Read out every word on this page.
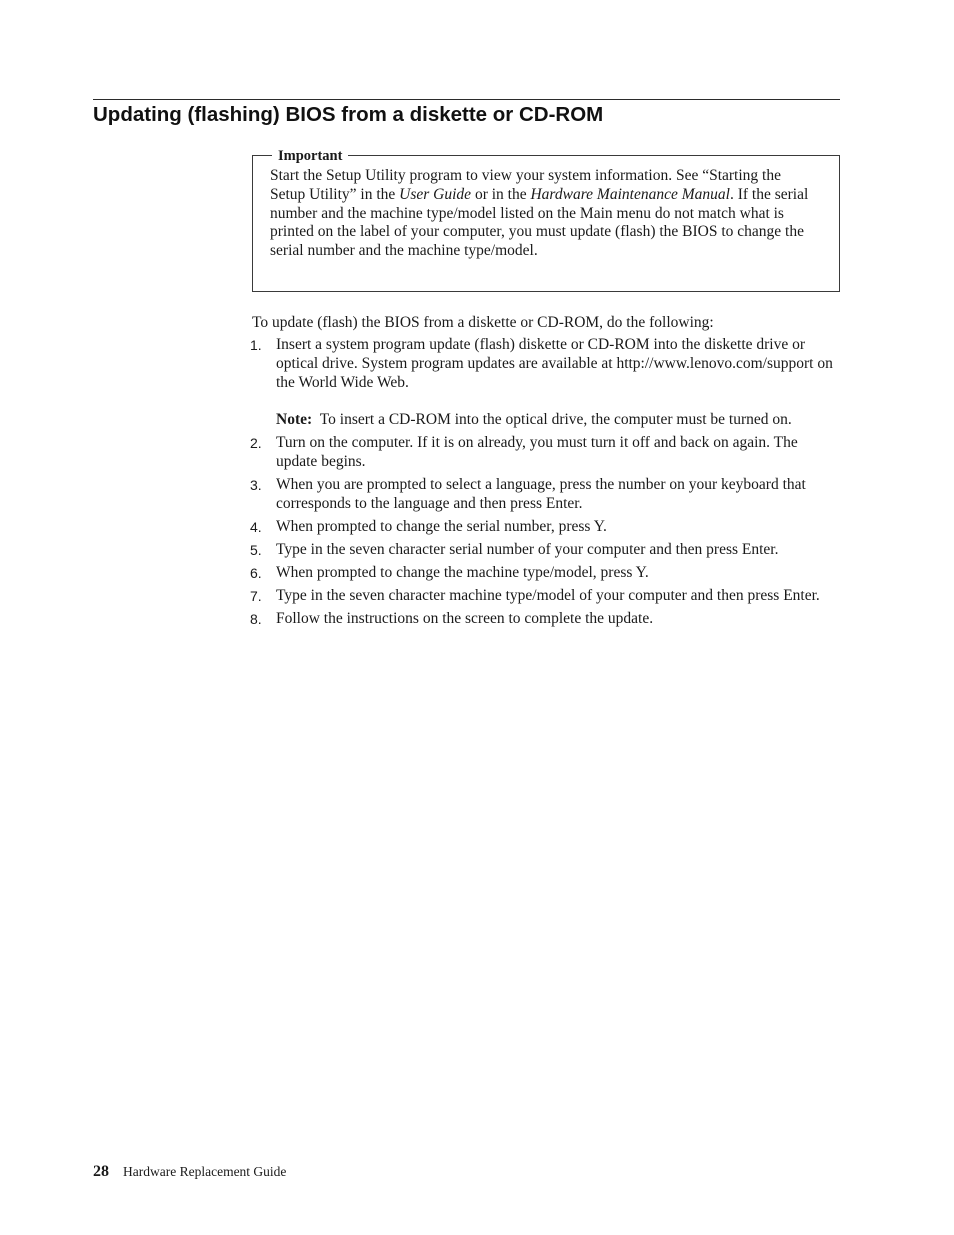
Updating (flashing) BIOS from a diskette or CD-ROM
Important

Start the Setup Utility program to view your system information. See “Starting the Setup Utility” in the User Guide or in the Hardware Maintenance Manual. If the serial number and the machine type/model listed on the Main menu do not match what is printed on the label of your computer, you must update (flash) the BIOS to change the serial number and the machine type/model.

To update (flash) the BIOS from a diskette or CD-ROM, do the following:

1. Insert a system program update (flash) diskette or CD-ROM into the diskette drive or optical drive. System program updates are available at http://www.lenovo.com/support on the World Wide Web.
Note: To insert a CD-ROM into the optical drive, the computer must be turned on.
2. Turn on the computer. If it is on already, you must turn it off and back on again. The update begins.
3. When you are prompted to select a language, press the number on your keyboard that corresponds to the language and then press Enter.
4. When prompted to change the serial number, press Y.
5. Type in the seven character serial number of your computer and then press Enter.
6. When prompted to change the machine type/model, press Y.
7. Type in the seven character machine type/model of your computer and then press Enter.
8. Follow the instructions on the screen to complete the update.
28 Hardware Replacement Guide
